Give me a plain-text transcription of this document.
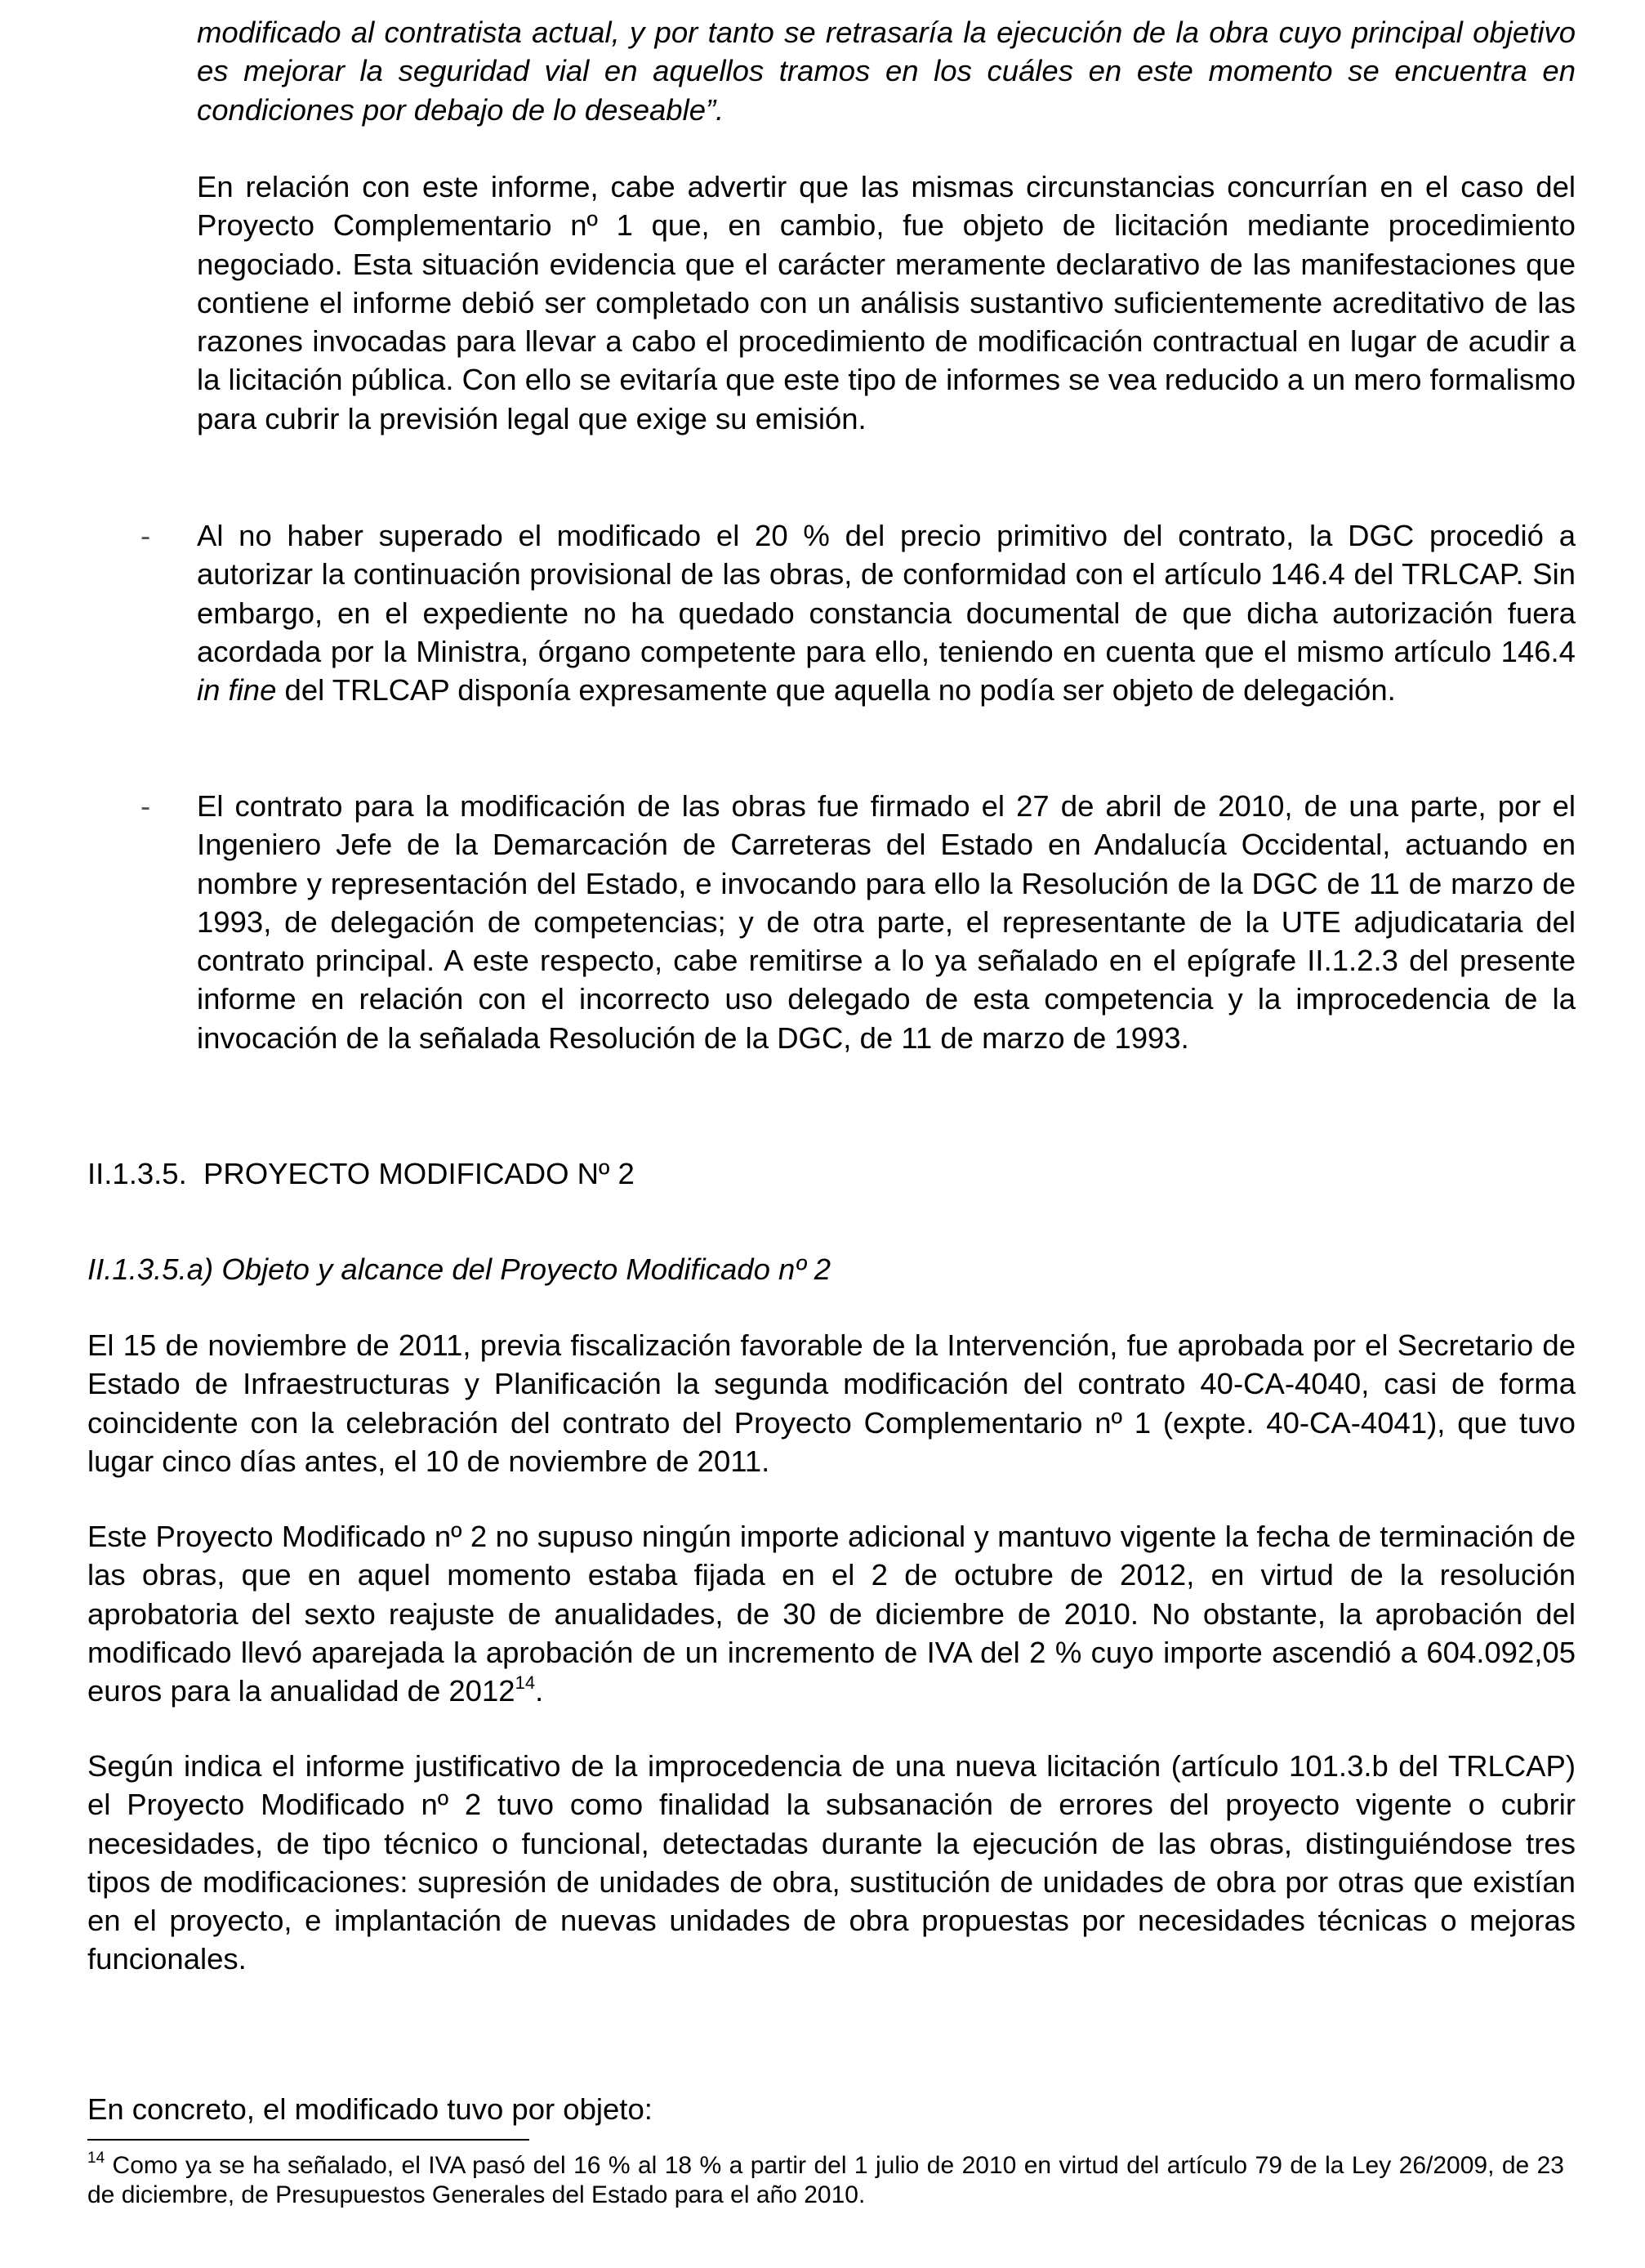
modificado al contratista actual, y por tanto se retrasaría la ejecución de la obra cuyo principal objetivo es mejorar la seguridad vial en aquellos tramos en los cuáles en este momento se encuentra en condiciones por debajo de lo deseable”.
En relación con este informe, cabe advertir que las mismas circunstancias concurrían en el caso del Proyecto Complementario nº 1 que, en cambio, fue objeto de licitación mediante procedimiento negociado. Esta situación evidencia que el carácter meramente declarativo de las manifestaciones que contiene el informe debió ser completado con un análisis sustantivo suficientemente acreditativo de las razones invocadas para llevar a cabo el procedimiento de modificación contractual en lugar de acudir a la licitación pública. Con ello se evitaría que este tipo de informes se vea reducido a un mero formalismo para cubrir la previsión legal que exige su emisión.
- Al no haber superado el modificado el 20 % del precio primitivo del contrato, la DGC procedió a autorizar la continuación provisional de las obras, de conformidad con el artículo 146.4 del TRLCAP. Sin embargo, en el expediente no ha quedado constancia documental de que dicha autorización fuera acordada por la Ministra, órgano competente para ello, teniendo en cuenta que el mismo artículo 146.4 in fine del TRLCAP disponía expresamente que aquella no podía ser objeto de delegación.
- El contrato para la modificación de las obras fue firmado el 27 de abril de 2010, de una parte, por el Ingeniero Jefe de la Demarcación de Carreteras del Estado en Andalucía Occidental, actuando en nombre y representación del Estado, e invocando para ello la Resolución de la DGC de 11 de marzo de 1993, de delegación de competencias; y de otra parte, el representante de la UTE adjudicataria del contrato principal. A este respecto, cabe remitirse a lo ya señalado en el epígrafe II.1.2.3 del presente informe en relación con el incorrecto uso delegado de esta competencia y la improcedencia de la invocación de la señalada Resolución de la DGC, de 11 de marzo de 1993.
II.1.3.5.  PROYECTO MODIFICADO Nº 2
II.1.3.5.a) Objeto y alcance del Proyecto Modificado nº 2
El 15 de noviembre de 2011, previa fiscalización favorable de la Intervención, fue aprobada por el Secretario de Estado de Infraestructuras y Planificación la segunda modificación del contrato 40-CA-4040, casi de forma coincidente con la celebración del contrato del Proyecto Complementario nº 1 (expte. 40-CA-4041), que tuvo lugar cinco días antes, el 10 de noviembre de 2011.
Este Proyecto Modificado nº 2 no supuso ningún importe adicional y mantuvo vigente la fecha de terminación de las obras, que en aquel momento estaba fijada en el 2 de octubre de 2012, en virtud de la resolución aprobatoria del sexto reajuste de anualidades, de 30 de diciembre de 2010. No obstante, la aprobación del modificado llevó aparejada la aprobación de un incremento de IVA del 2 % cuyo importe ascendió a 604.092,05 euros para la anualidad de 2012$^{14}$.
Según indica el informe justificativo de la improcedencia de una nueva licitación (artículo 101.3.b del TRLCAP) el Proyecto Modificado nº 2 tuvo como finalidad la subsanación de errores del proyecto vigente o cubrir necesidades, de tipo técnico o funcional, detectadas durante la ejecución de las obras, distinguiéndose tres tipos de modificaciones: supresión de unidades de obra, sustitución de unidades de obra por otras que existían en el proyecto, e implantación de nuevas unidades de obra propuestas por necesidades técnicas o mejoras funcionales.
En concreto, el modificado tuvo por objeto:
$^{14}$ Como ya se ha señalado, el IVA pasó del 16 % al 18 % a partir del 1 julio de 2010 en virtud del artículo 79 de la Ley 26/2009, de 23 de diciembre, de Presupuestos Generales del Estado para el año 2010.
